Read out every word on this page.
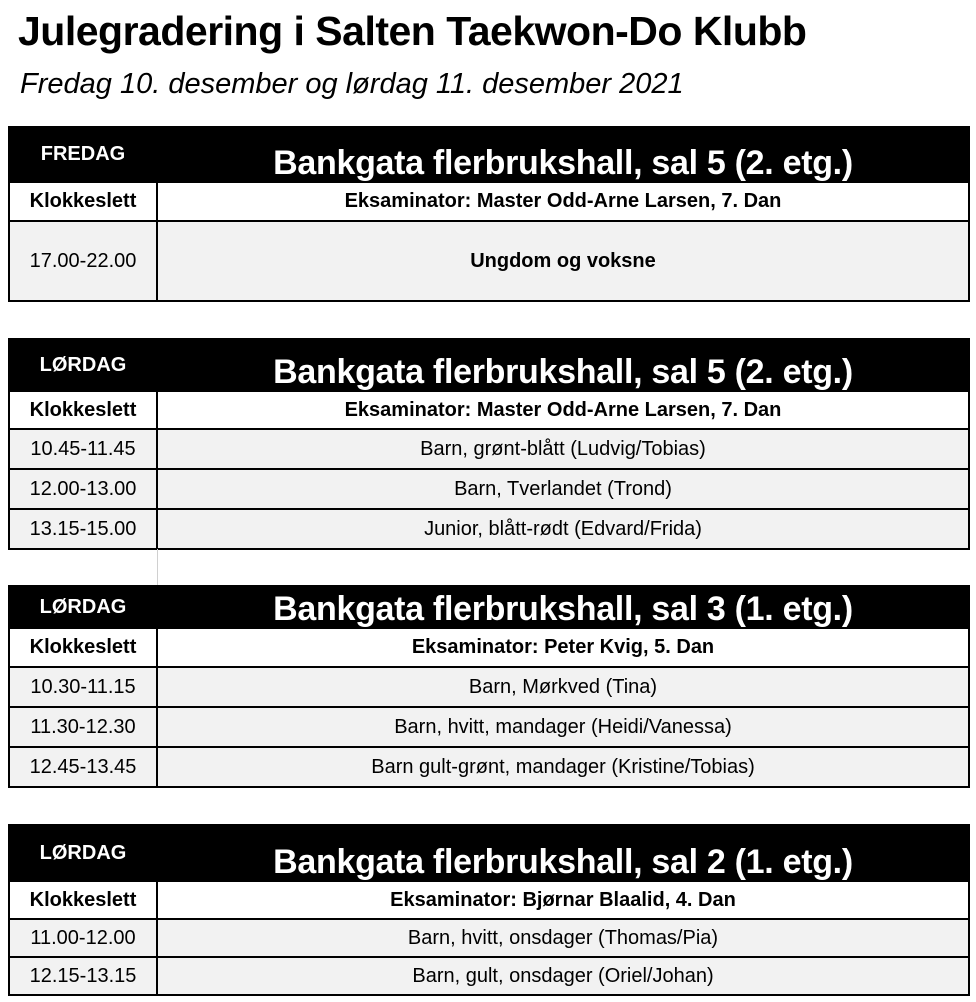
Julegradering i Salten Taekwon-Do Klubb
Fredag 10. desember og lørdag 11. desember 2021
FREDAG	Bankgata flerbrukshall, sal 5 (2. etg.)
Klokkeslett	Eksaminator: Master Odd-Arne Larsen, 7. Dan
17.00-22.00	Ungdom og voksne
LØRDAG	Bankgata flerbrukshall, sal 5 (2. etg.)
Klokkeslett	Eksaminator: Master Odd-Arne Larsen, 7. Dan
10.45-11.45	Barn, grønt-blått (Ludvig/Tobias)
12.00-13.00	Barn, Tverlandet (Trond)
13.15-15.00	Junior, blått-rødt (Edvard/Frida)
LØRDAG	Bankgata flerbrukshall, sal 3 (1. etg.)
Klokkeslett	Eksaminator: Peter Kvig, 5. Dan
10.30-11.15	Barn, Mørkved (Tina)
11.30-12.30	Barn, hvitt, mandager (Heidi/Vanessa)
12.45-13.45	Barn gult-grønt, mandager (Kristine/Tobias)
LØRDAG	Bankgata flerbrukshall, sal 2 (1. etg.)
Klokkeslett	Eksaminator: Bjørnar Blaalid, 4. Dan
11.00-12.00	Barn, hvitt, onsdager (Thomas/Pia)
12.15-13.15	Barn, gult, onsdager (Oriel/Johan)
